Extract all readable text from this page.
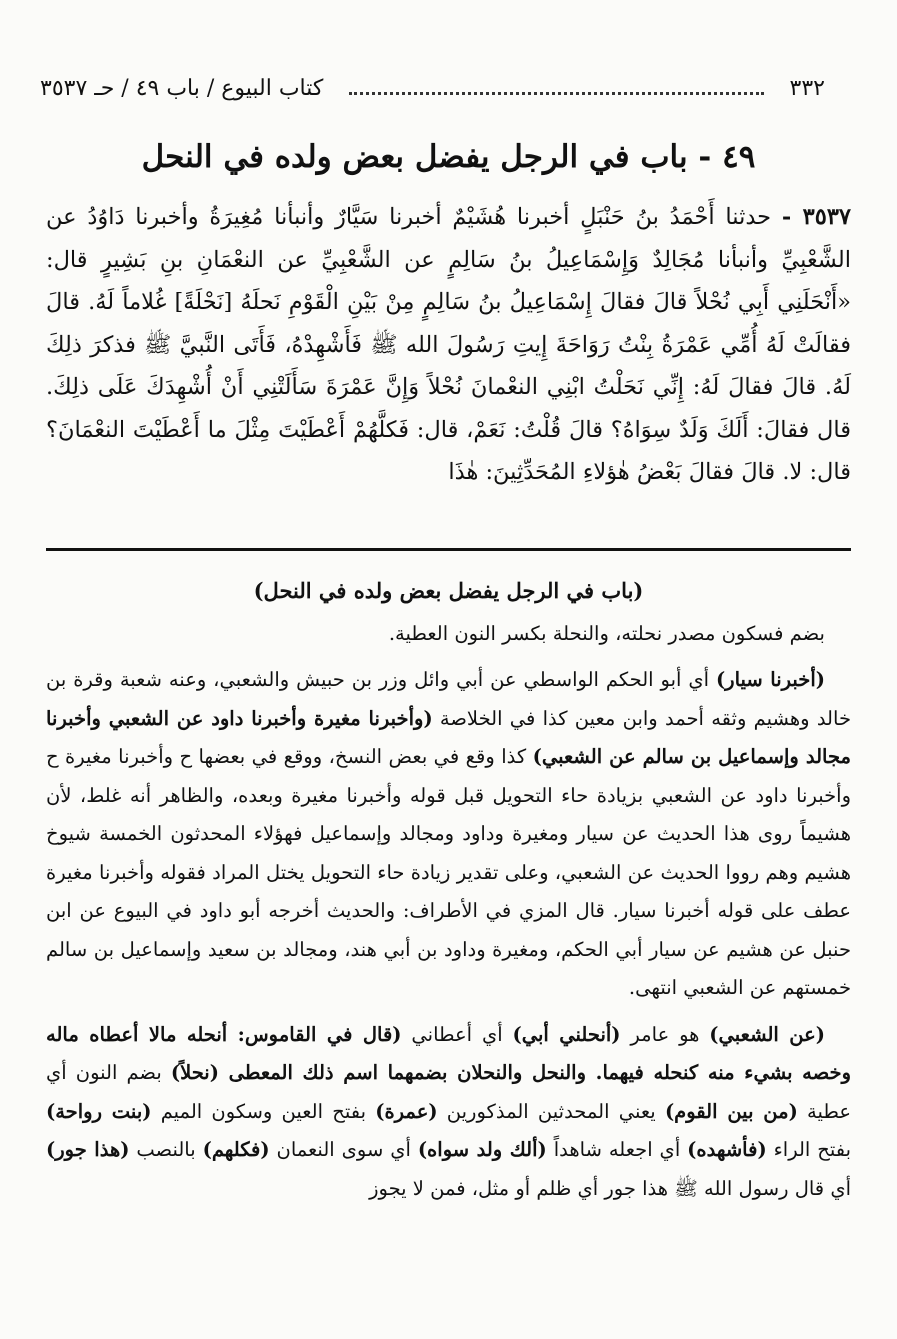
٣٣٢
كتاب البيوع / باب ٤٩ / حـ ٣٥٣٧
٤٩ - باب في الرجل يفضل بعض ولده في النحل
٣٥٣٧ - حدثنا أَحْمَدُ بنُ حَنْبَلٍ أخبرنا هُشَيْمٌ أخبرنا سَيَّارٌ وأنبأنا مُغِيرَةُ وأخبرنا دَاوُدُ عن الشَّعْبِيِّ وأنبأنا مُجَالِدٌ وَإِسْمَاعِيلُ بنُ سَالِمٍ عن الشَّعْبِيِّ عن النعْمَانِ بنِ بَشِيرٍ قال: «أَنْحَلَنِي أَبِي نُحْلاً قالَ فقالَ إِسْمَاعِيلُ بنُ سَالِمٍ مِنْ بَيْنِ الْقَوْمِ نَحلَهُ [نَحْلَةً] غُلاماً لَهُ. قالَ فقالَتْ لَهُ أُمِّي عَمْرَةُ بِنْتُ رَوَاحَةَ إِيتِ رَسُولَ الله ﷺ فَأَشْهِدْهُ، فَأَتَى النَّبيَّ ﷺ فذكرَ ذلِكَ لَهُ. قالَ فقالَ لَهُ: إِنِّي نَحَلْتُ ابْنِي النعْمانَ نُحْلاً وَإِنَّ عَمْرَةَ سَأَلَتْنِي أَنْ أُشْهِدَكَ عَلَى ذلِكَ. قال فقالَ: أَلَكَ وَلَدٌ سِوَاهُ؟ قالَ قُلْتُ: نَعَمْ، قال: فَكلَّهُمْ أَعْطَيْتَ مِثْلَ ما أَعْطَيْتَ النعْمَانَ؟ قال: لا. قالَ فقالَ بَعْضُ هٰؤلاءِ المُحَدِّثِينَ: هٰذَا
(باب في الرجل يفضل بعض ولده في النحل)

بضم فسكون مصدر نحلته، والنحلة بكسر النون العطية.

(أخبرنا سيار) أي أبو الحكم الواسطي عن أبي وائل وزر بن حبيش والشعبي، وعنه شعبة وقرة بن خالد وهشيم وثقه أحمد وابن معين كذا في الخلاصة (وأخبرنا مغيرة وأخبرنا داود عن الشعبي وأخبرنا مجالد وإسماعيل بن سالم عن الشعبي) كذا وقع في بعض النسخ، ووقع في بعضها ح وأخبرنا مغيرة ح وأخبرنا داود عن الشعبي بزيادة حاء التحويل قبل قوله وأخبرنا مغيرة وبعده، والظاهر أنه غلط، لأن هشيماً روى هذا الحديث عن سيار ومغيرة وداود ومجالد وإسماعيل فهؤلاء المحدثون الخمسة شيوخ هشيم وهم رووا الحديث عن الشعبي، وعلى تقدير زيادة حاء التحويل يختل المراد فقوله وأخبرنا مغيرة عطف على قوله أخبرنا سيار. قال المزي في الأطراف: والحديث أخرجه أبو داود في البيوع عن ابن حنبل عن هشيم عن سيار أبي الحكم، ومغيرة وداود بن أبي هند، ومجالد بن سعيد وإسماعيل بن سالم خمستهم عن الشعبي انتهى.

(عن الشعبي) هو عامر (أنحلني أبي) أي أعطاني (قال في القاموس: أنحله مالا أعطاه ماله وخصه بشيء منه كنحله فيهما. والنحل والنحلان بضمهما اسم ذلك المعطى (نحلاً) بضم النون أي عطية (من بين القوم) يعني المحدثين المذكورين (عمرة) بفتح العين وسكون الميم (بنت رواحة) بفتح الراء (فأشهده) أي اجعله شاهداً (ألك ولد سواه) أي سوى النعمان (فكلهم) بالنصب (هذا جور) أي قال رسول الله ﷺ هذا جور أي ظلم أو مثل، فمن لا يجوز
